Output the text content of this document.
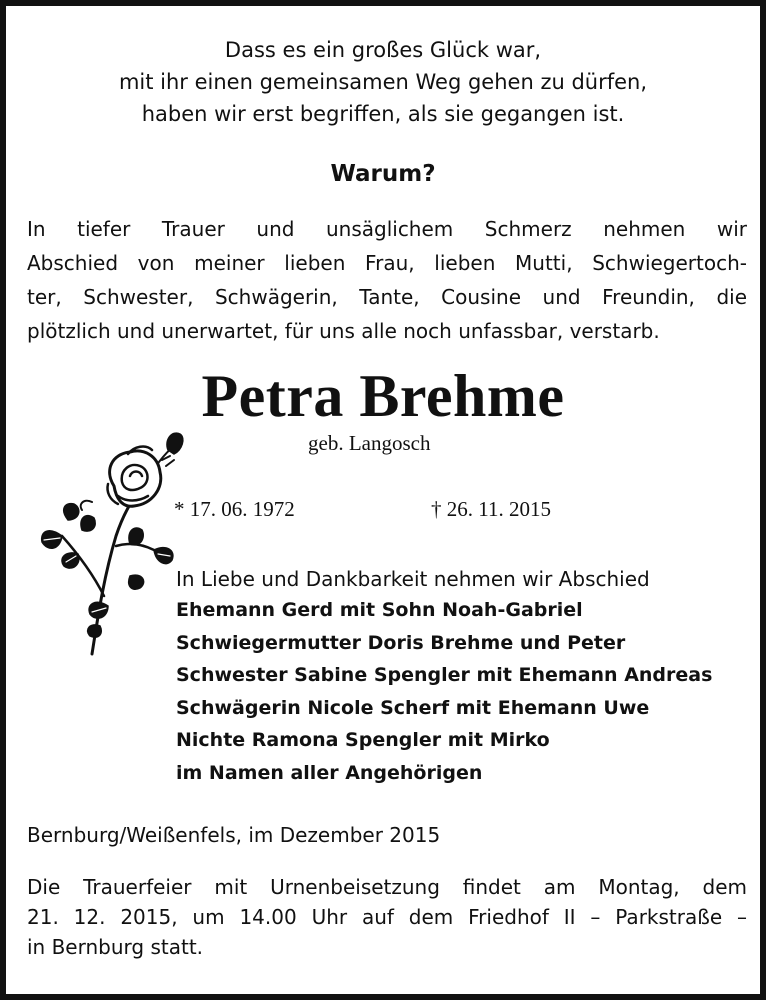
Dass es ein großes Glück war,
mit ihr einen gemeinsamen Weg gehen zu dürfen,
haben wir erst begriffen, als sie gegangen ist.
Warum?
In tiefer Trauer und unsäglichem Schmerz nehmen wir
Abschied von meiner lieben Frau, lieben Mutti, Schwiegertoch-
ter, Schwester, Schwägerin, Tante, Cousine und Freundin, die
plötzlich und unerwartet, für uns alle noch unfassbar, verstarb.
Petra Brehme
geb. Langosch
* 17. 06. 1972	† 26. 11. 2015
In Liebe und Dankbarkeit nehmen wir Abschied
Ehemann Gerd mit Sohn Noah-Gabriel
Schwiegermutter Doris Brehme und Peter
Schwester Sabine Spengler mit Ehemann Andreas
Schwägerin Nicole Scherf mit Ehemann Uwe
Nichte Ramona Spengler mit Mirko
im Namen aller Angehörigen
Bernburg/Weißenfels, im Dezember 2015
Die Trauerfeier mit Urnenbeisetzung findet am Montag, dem
21. 12. 2015, um 14.00 Uhr auf dem Friedhof II – Parkstraße –
in Bernburg statt.
